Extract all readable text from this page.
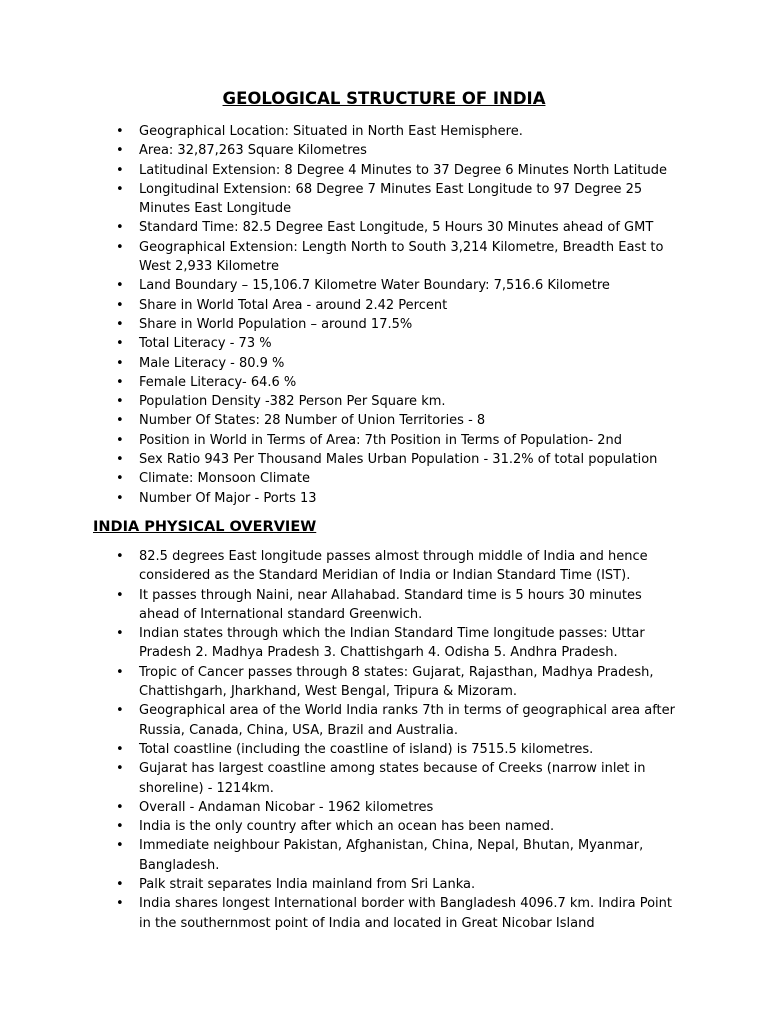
GEOLOGICAL STRUCTURE OF INDIA
• Geographical Location: Situated in North East Hemisphere.
• Area: 32,87,263 Square Kilometres
• Latitudinal Extension: 8 Degree 4 Minutes to 37 Degree 6 Minutes North Latitude
• Longitudinal Extension: 68 Degree 7 Minutes East Longitude to 97 Degree 25 Minutes East Longitude
• Standard Time: 82.5 Degree East Longitude, 5 Hours 30 Minutes ahead of GMT
• Geographical Extension: Length North to South 3,214 Kilometre, Breadth East to West 2,933 Kilometre
• Land Boundary – 15,106.7 Kilometre Water Boundary: 7,516.6 Kilometre
• Share in World Total Area - around 2.42 Percent
• Share in World Population – around 17.5%
• Total Literacy - 73 %
• Male Literacy - 80.9 %
• Female Literacy- 64.6 %
• Population Density -382 Person Per Square km.
• Number Of States: 28 Number of Union Territories - 8
• Position in World in Terms of Area: 7th Position in Terms of Population- 2nd
• Sex Ratio 943 Per Thousand Males Urban Population - 31.2% of total population
• Climate: Monsoon Climate
• Number Of Major - Ports 13
INDIA PHYSICAL OVERVIEW
• 82.5 degrees East longitude passes almost through middle of India and hence considered as the Standard Meridian of India or Indian Standard Time (IST).
• It passes through Naini, near Allahabad. Standard time is 5 hours 30 minutes ahead of International standard Greenwich.
• Indian states through which the Indian Standard Time longitude passes: Uttar Pradesh 2. Madhya Pradesh 3. Chattishgarh 4. Odisha 5. Andhra Pradesh.
• Tropic of Cancer passes through 8 states: Gujarat, Rajasthan, Madhya Pradesh, Chattishgarh, Jharkhand, West Bengal, Tripura & Mizoram.
• Geographical area of the World India ranks 7th in terms of geographical area after Russia, Canada, China, USA, Brazil and Australia.
• Total coastline (including the coastline of island) is 7515.5 kilometres.
• Gujarat has largest coastline among states because of Creeks (narrow inlet in shoreline) - 1214km.
• Overall - Andaman Nicobar - 1962 kilometres
• India is the only country after which an ocean has been named.
• Immediate neighbour Pakistan, Afghanistan, China, Nepal, Bhutan, Myanmar, Bangladesh.
• Palk strait separates India mainland from Sri Lanka.
• India shares longest International border with Bangladesh 4096.7 km. Indira Point in the southernmost point of India and located in Great Nicobar Island
